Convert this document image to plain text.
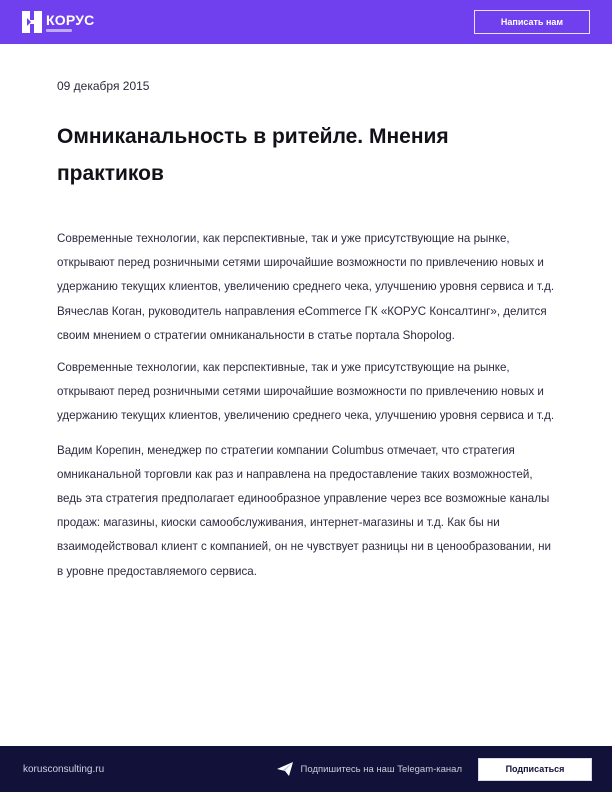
КОРУС	Написать нам
09 декабря 2015
Омниканальность в ритейле. Мнения практиков

Современные технологии, как перспективные, так и уже присутствующие на рынке, открывают перед розничными сетями широчайшие возможности по привлечению новых и удержанию текущих клиентов, увеличению среднего чека, улучшению уровня сервиса и т.д. Вячеслав Коган, руководитель направления eCommerce ГК «КОРУС Консалтинг», делится своим мнением о стратегии омниканальности в статье портала Shopolog.

Современные технологии, как перспективные, так и уже присутствующие на рынке, открывают перед розничными сетями широчайшие возможности по привлечению новых и удержанию текущих клиентов, увеличению среднего чека, улучшению уровня сервиса и т.д.

Вадим Корепин, менеджер по стратегии компании Columbus отмечает, что стратегия омниканальной торговли как раз и направлена на предоставление таких возможностей, ведь эта стратегия предполагает единообразное управление через все возможные каналы продаж: магазины, киоски самообслуживания, интернет-магазины и т.д. Как бы ни взаимодействовал клиент с компанией, он не чувствует разницы ни в ценообразовании, ни в уровне предоставляемого сервиса.

korusconsulting.ru	Подпишитесь на наш Telegam-канал	Подписаться
